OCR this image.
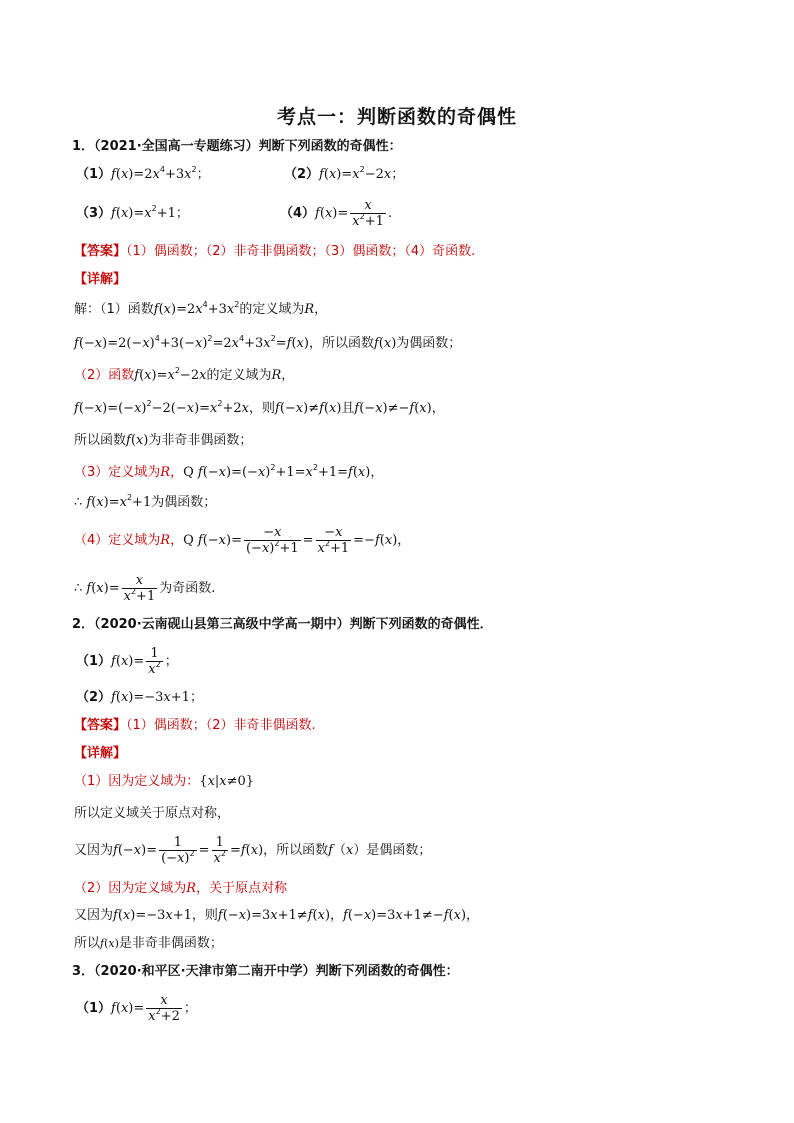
考点一：判断函数的奇偶性
1．（2021·全国高一专题练习）判断下列函数的奇偶性：
$(1)f(x)=2x^4+3x^2$；	$(2)f(x)=x^2-2x$；
$(3)f(x)=x^2+1$；	$(4)f(x)= \frac{x}{x^2+1}$ .
【答案】（1）偶函数；（2）非奇非偶函数；（3）偶函数；（4）奇函数.
【详解】
解：（1）函数$f(x)=2x^4+3x^2$的定义域为R，
$f(-x)=2(-x)^4+3(-x)^2=2x^4+3x^2=f(x)$，所以函数f(x)为偶函数；
（2）函数$f(x)=x^2-2x$的定义域为R，
$f(-x)=(-x)^2-2(-x)=x^2+2x$，则f(−x)≠f(x)且f(−x)≠−f(x)，
所以函数f(x)为非奇非偶函数；
（3）定义域为R，Q $f(-x)=(-x)^2+1=x^2+1=f(x)$，
∴ $f(x)=x^2+1$为偶函数；
（4）定义域为R，Q $f(-x)= \frac{-x}{(-x)^2+1} = \frac{-x}{x^2+1} =-f(x)$，
∴ $f(x)= \frac{x}{x^2+1}$ 为奇函数.
2．（2020·云南砚山县第三高级中学高一期中）判断下列函数的奇偶性．
$(1)f(x)= \frac{1}{x^2}$ ；
（2）f(x)=−3x+1；
【答案】（1）偶函数；（2）非奇非偶函数.
【详解】
（1）因为定义域为：{x|x≠0}
所以定义域关于原点对称，
又因为$f(-x)= \frac{1}{(-x)^2} = \frac{1}{x^2} =f(x)$，所以函数f（x）是偶函数；
（2）因为定义域为R，关于原点对称
又因为f(x)=−3x+1，则f(−x)=3x+1≠f(x)，f(−x)=3x+1≠−f(x)，
所以f(x)是非奇非偶函数；
3．（2020·和平区·天津市第二南开中学）判断下列函数的奇偶性：
$(1)f(x)= \frac{x}{x^2+2}$ ；
